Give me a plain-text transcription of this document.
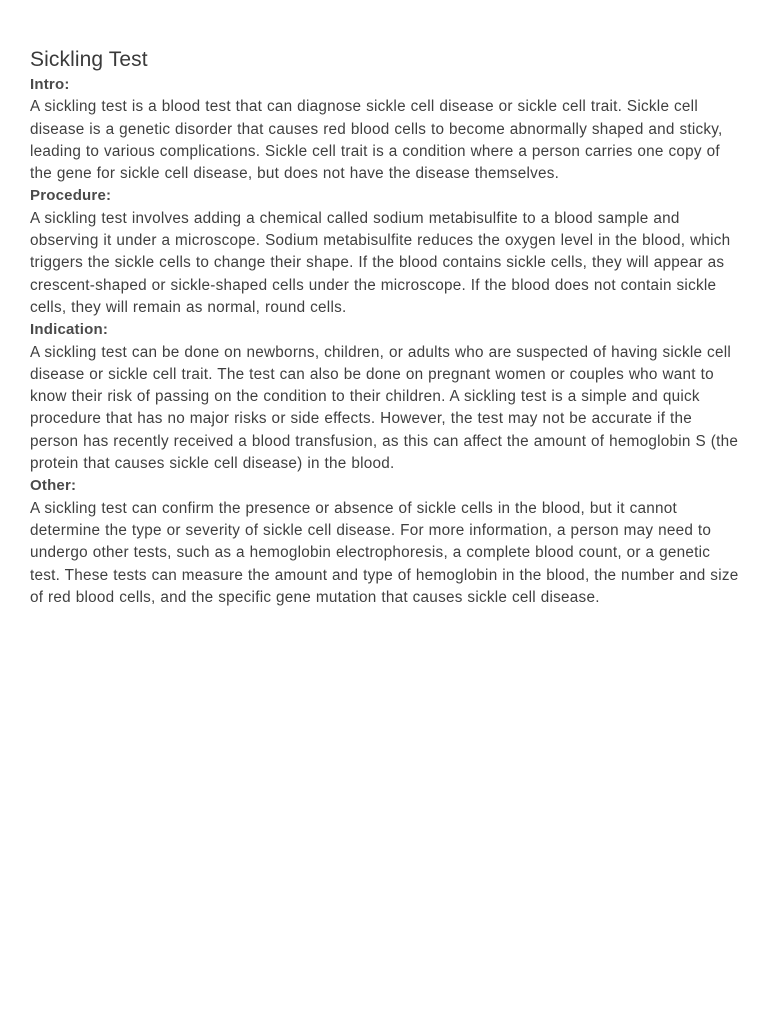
Sickling Test

Intro:

A sickling test is a blood test that can diagnose sickle cell disease or sickle cell trait. Sickle cell disease is a genetic disorder that causes red blood cells to become abnormally shaped and sticky, leading to various complications. Sickle cell trait is a condition where a person carries one copy of the gene for sickle cell disease, but does not have the disease themselves.

Procedure:

A sickling test involves adding a chemical called sodium metabisulfite to a blood sample and observing it under a microscope. Sodium metabisulfite reduces the oxygen level in the blood, which triggers the sickle cells to change their shape. If the blood contains sickle cells, they will appear as crescent-shaped or sickle-shaped cells under the microscope. If the blood does not contain sickle cells, they will remain as normal, round cells.

Indication:

A sickling test can be done on newborns, children, or adults who are suspected of having sickle cell disease or sickle cell trait. The test can also be done on pregnant women or couples who want to know their risk of passing on the condition to their children. A sickling test is a simple and quick procedure that has no major risks or side effects. However, the test may not be accurate if the person has recently received a blood transfusion, as this can affect the amount of hemoglobin S (the protein that causes sickle cell disease) in the blood.

Other:

A sickling test can confirm the presence or absence of sickle cells in the blood, but it cannot determine the type or severity of sickle cell disease. For more information, a person may need to undergo other tests, such as a hemoglobin electrophoresis, a complete blood count, or a genetic test. These tests can measure the amount and type of hemoglobin in the blood, the number and size of red blood cells, and the specific gene mutation that causes sickle cell disease.
